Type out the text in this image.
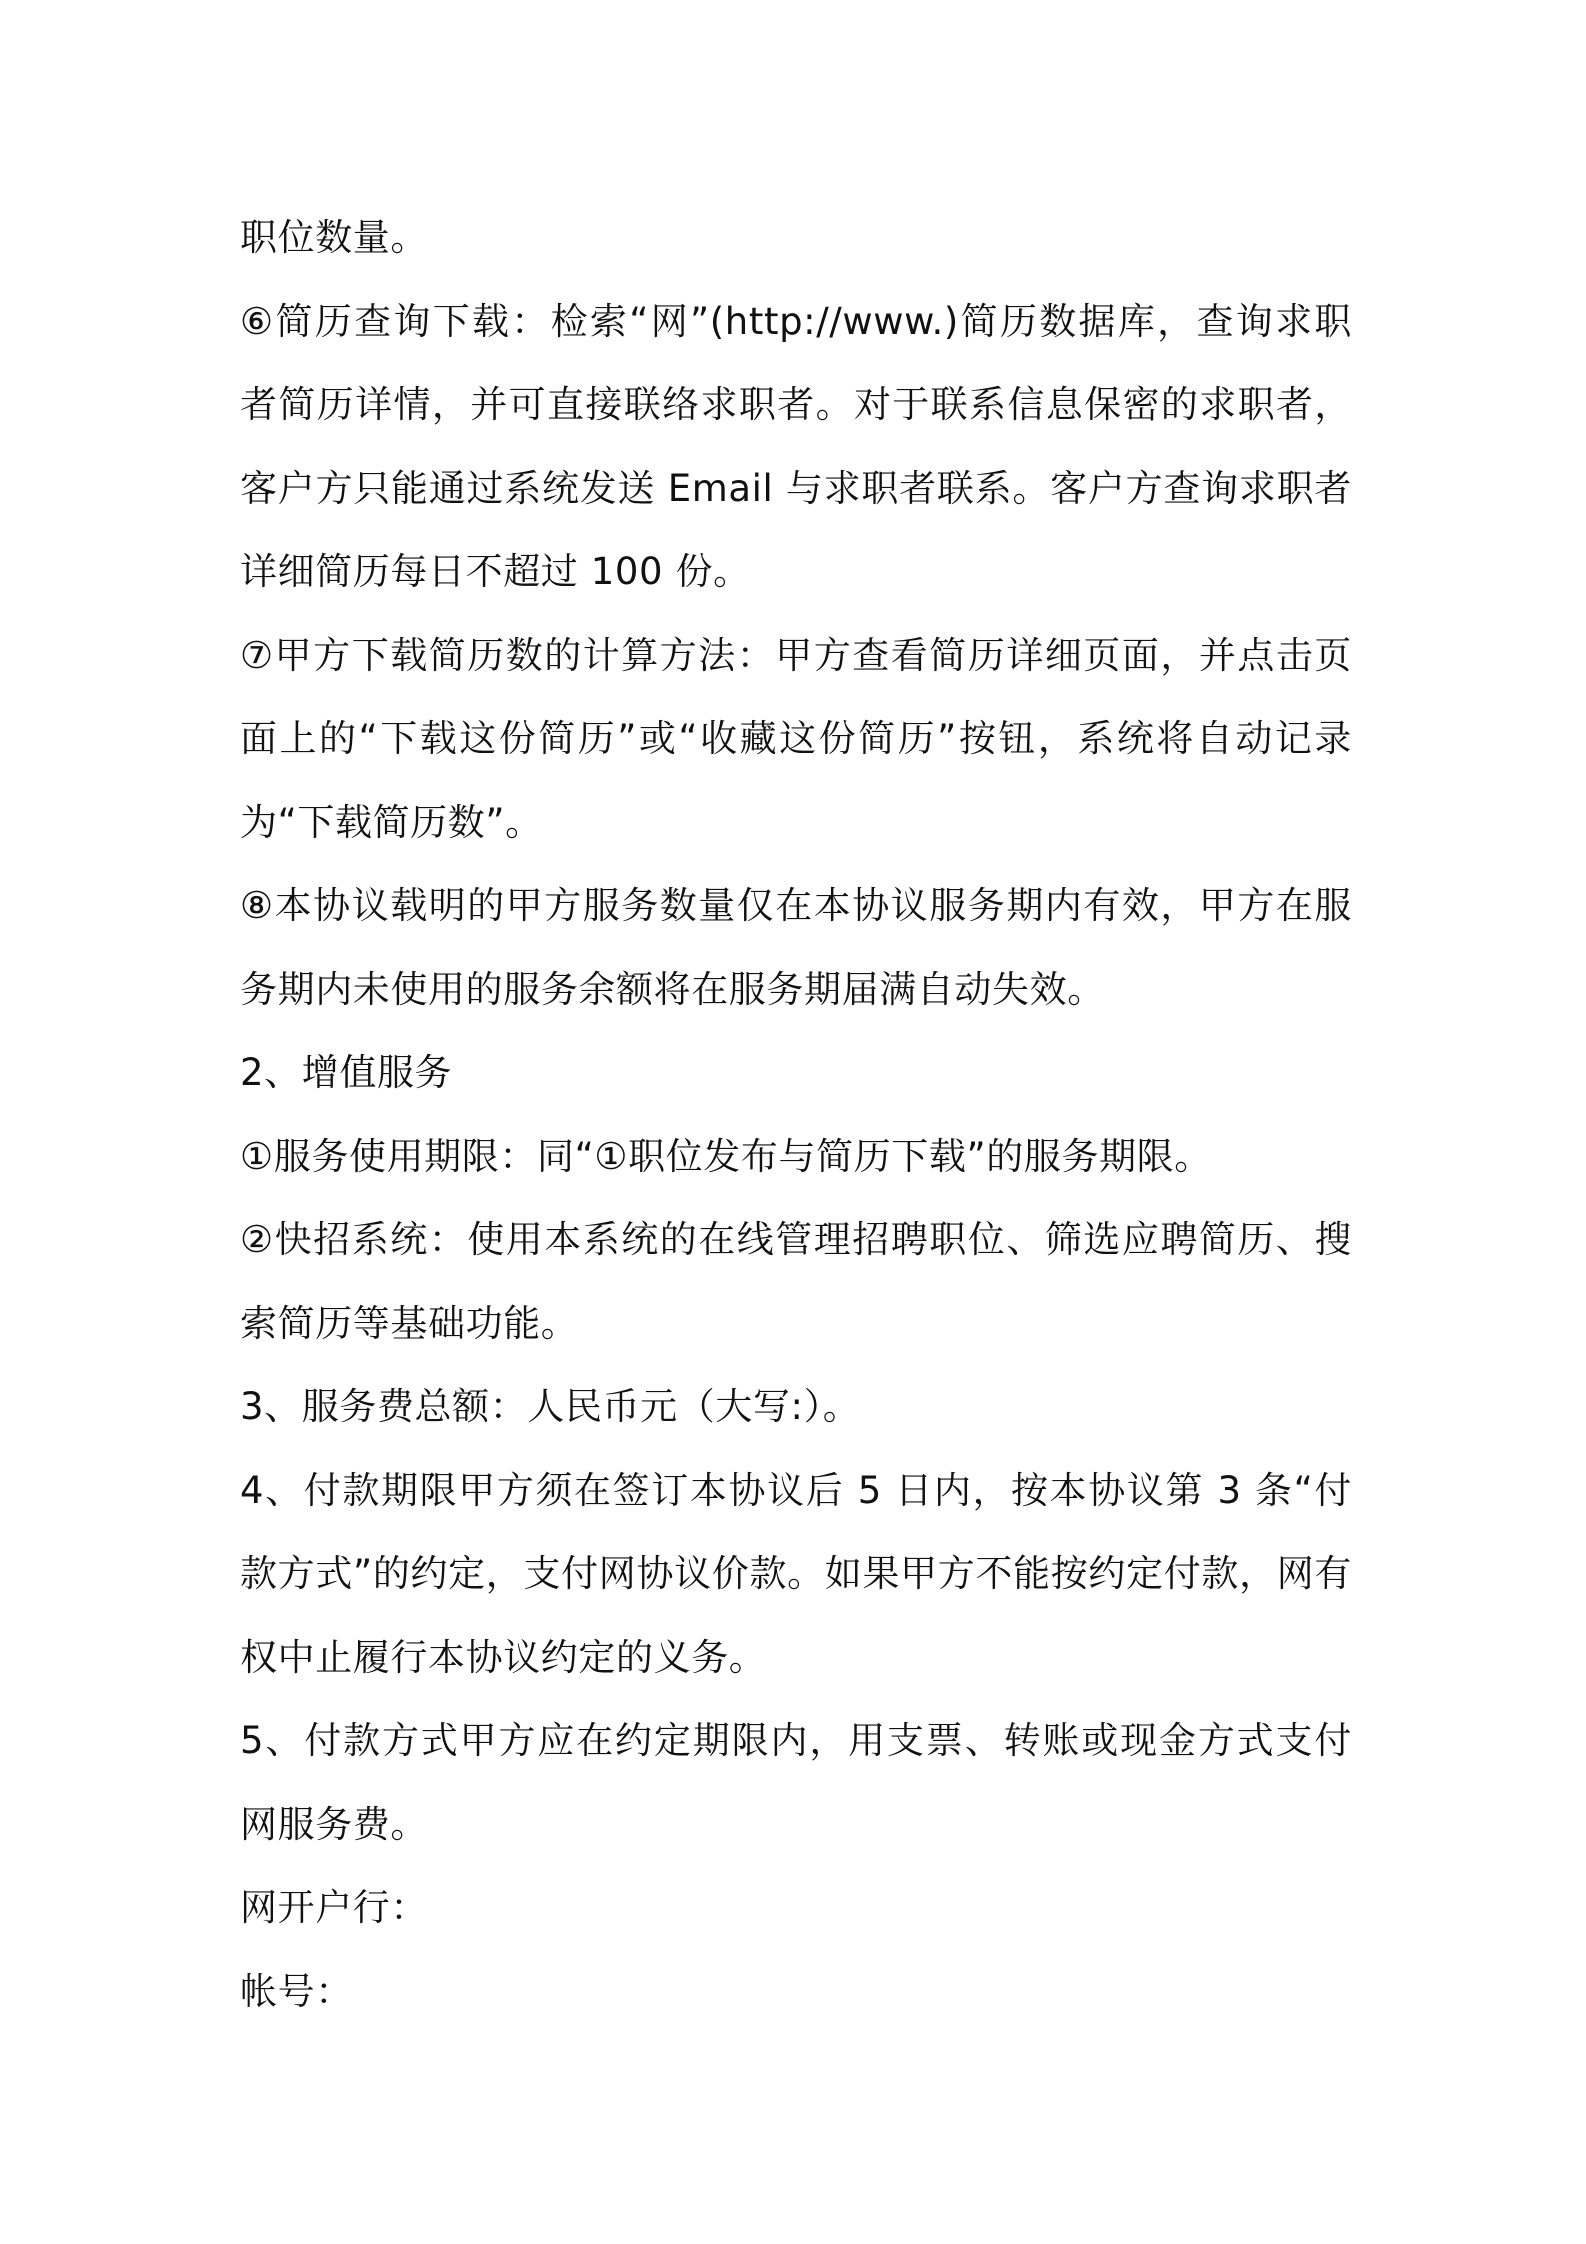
职位数量。

⑥简历查询下载：检索“网”(http://www.)简历数据库，查询求职者简历详情，并可直接联络求职者。对于联系信息保密的求职者，客户方只能通过系统发送 Email 与求职者联系。客户方查询求职者详细简历每日不超过 100 份。

⑦甲方下载简历数的计算方法：甲方查看简历详细页面，并点击页面上的“下载这份简历”或“收藏这份简历”按钮，系统将自动记录为“下载简历数”。

⑧本协议载明的甲方服务数量仅在本协议服务期内有效，甲方在服务期内未使用的服务余额将在服务期届满自动失效。

2、增值服务

①服务使用期限：同“①职位发布与简历下载”的服务期限。

②快招系统：使用本系统的在线管理招聘职位、筛选应聘简历、搜索简历等基础功能。

3、服务费总额：人民币元（大写:）。

4、付款期限甲方须在签订本协议后 5 日内，按本协议第 3 条“付款方式”的约定，支付网协议价款。如果甲方不能按约定付款，网有权中止履行本协议约定的义务。

5、付款方式甲方应在约定期限内，用支票、转账或现金方式支付网服务费。

网开户行：

帐号：
